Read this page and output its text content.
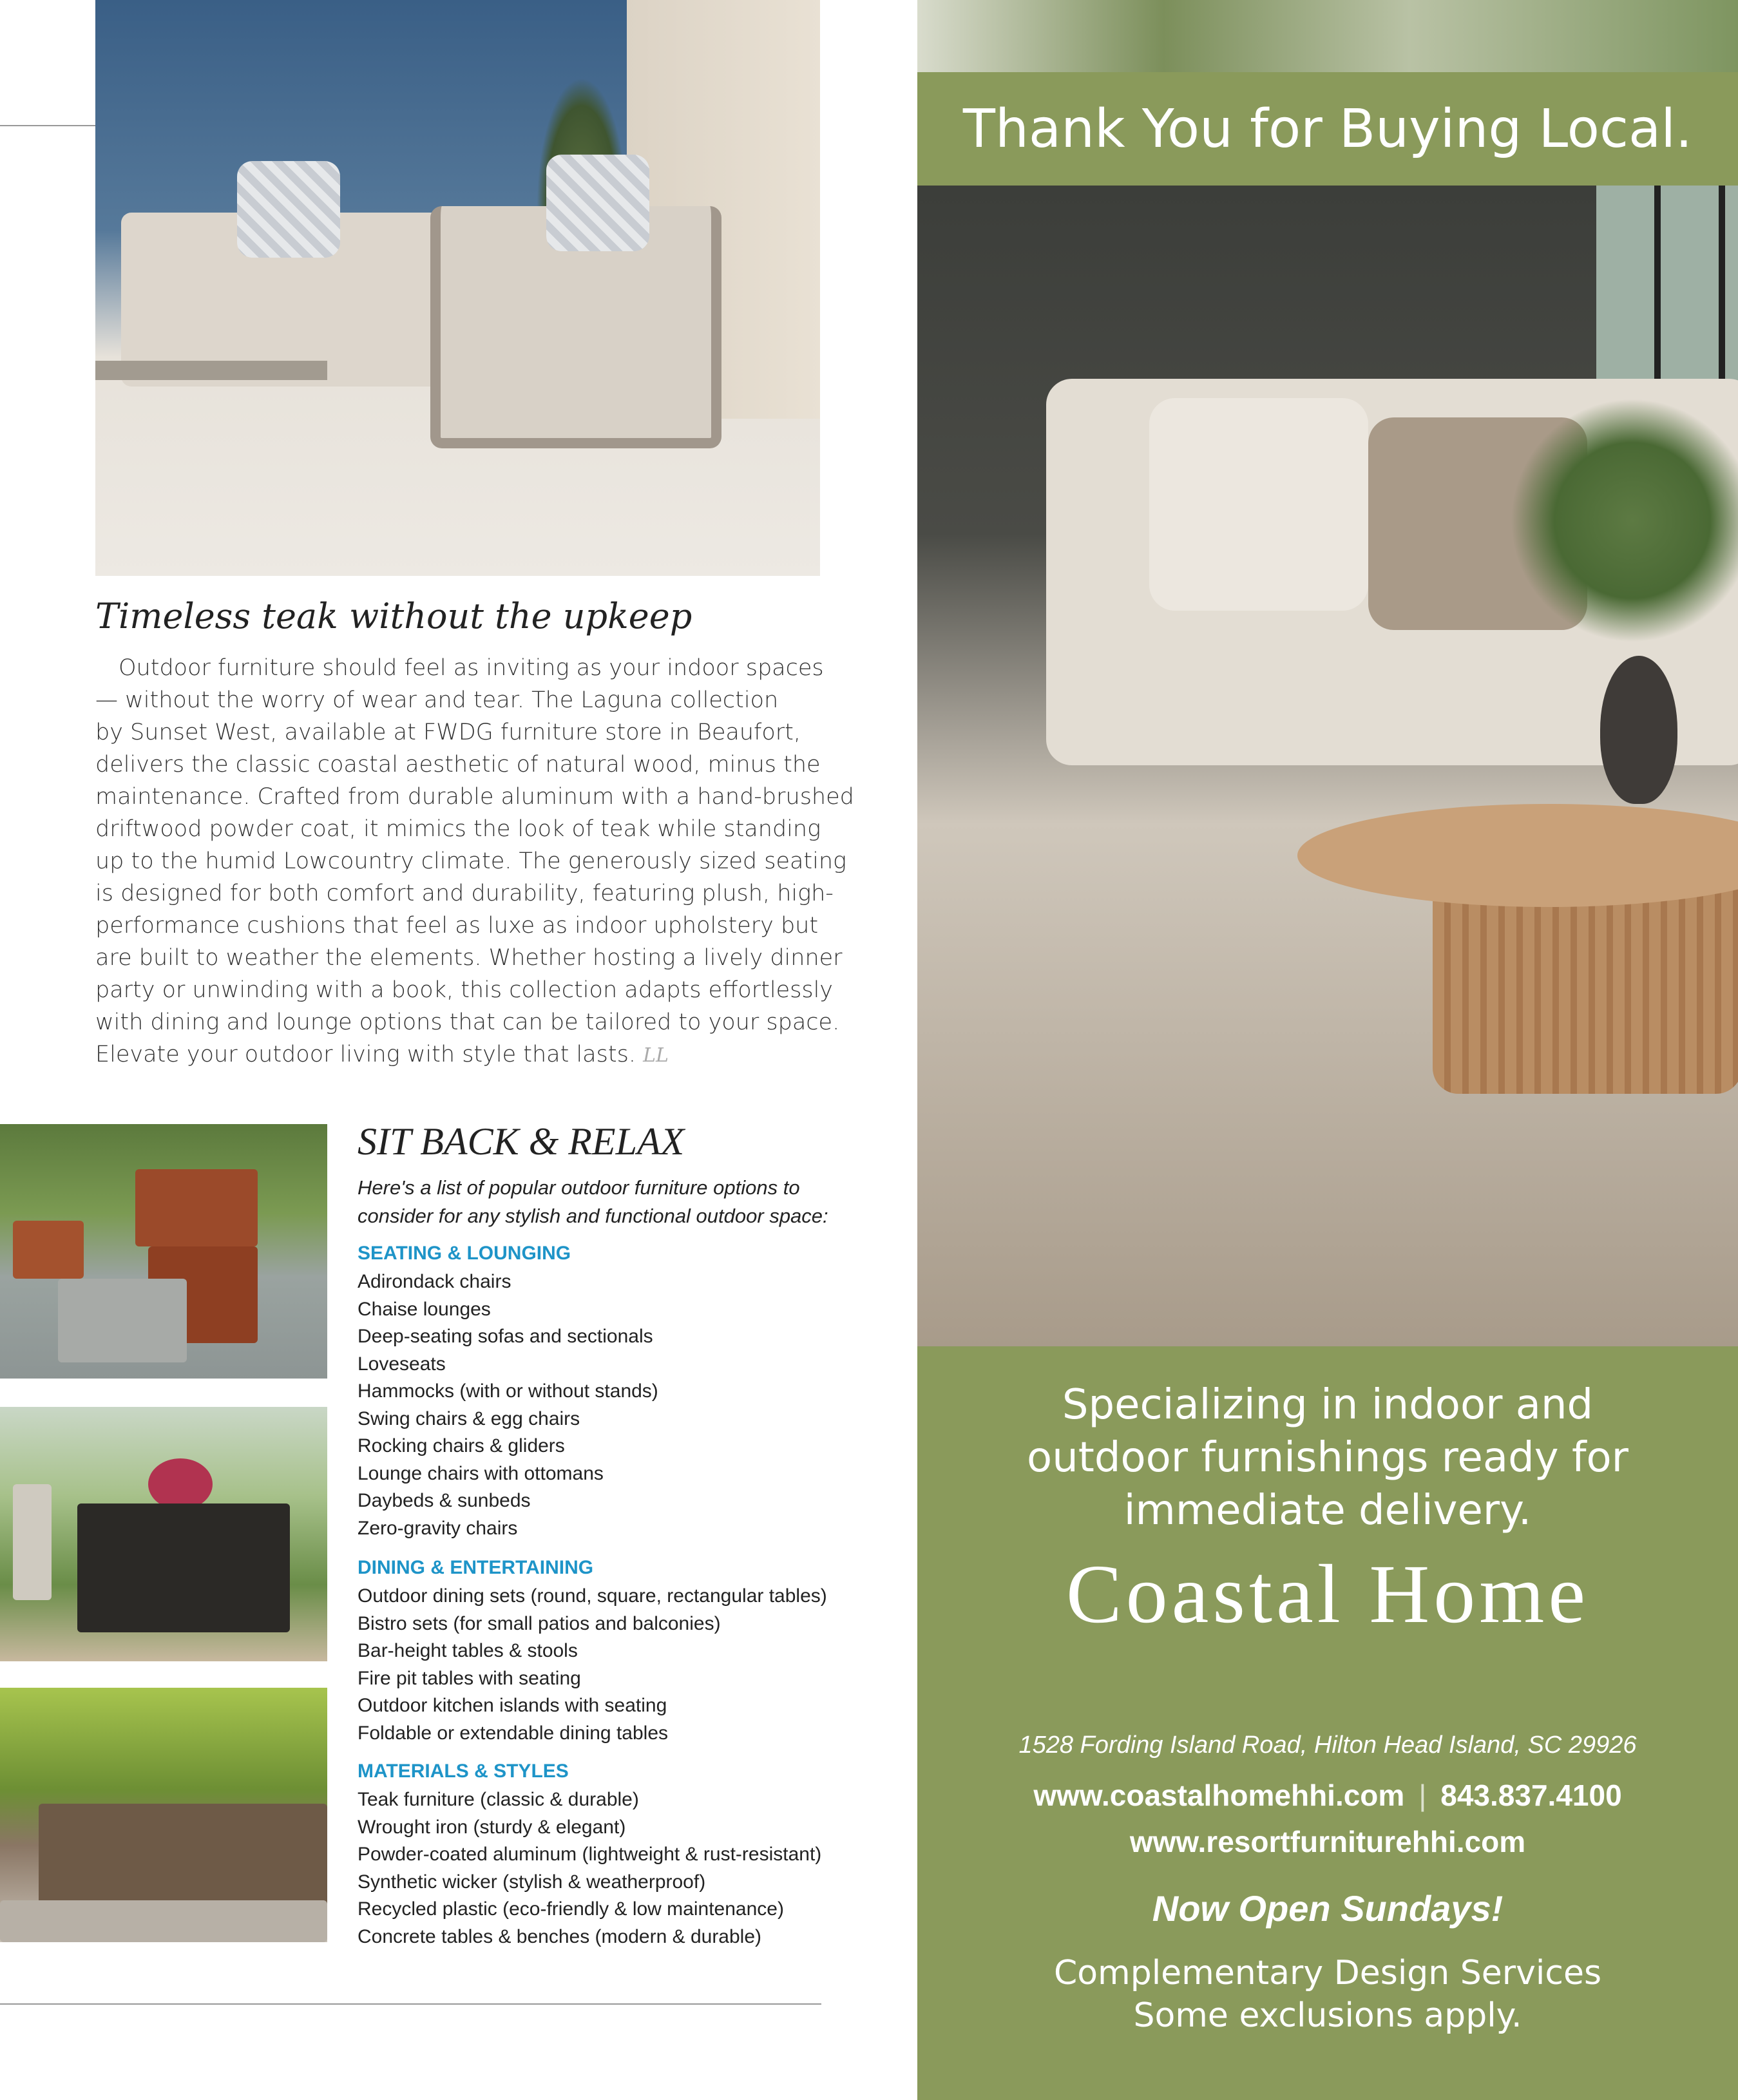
Timeless teak without the upkeep
Outdoor furniture should feel as inviting as your indoor spaces
— without the worry of wear and tear. The Laguna collection
by Sunset West, available at FWDG furniture store in Beaufort,
delivers the classic coastal aesthetic of natural wood, minus the
maintenance. Crafted from durable aluminum with a hand-brushed
driftwood powder coat, it mimics the look of teak while standing
up to the humid Lowcountry climate. The generously sized seating
is designed for both comfort and durability, featuring plush, high-
performance cushions that feel as luxe as indoor upholstery but
are built to weather the elements. Whether hosting a lively dinner
party or unwinding with a book, this collection adapts effortlessly
with dining and lounge options that can be tailored to your space.
Elevate your outdoor living with style that lasts. LL
SIT BACK & RELAX
Here's a list of popular outdoor furniture options to
consider for any stylish and functional outdoor space:
SEATING & LOUNGING
Adirondack chairs
Chaise lounges
Deep-seating sofas and sectionals
Loveseats
Hammocks (with or without stands)
Swing chairs & egg chairs
Rocking chairs & gliders
Lounge chairs with ottomans
Daybeds & sunbeds
Zero-gravity chairs
DINING & ENTERTAINING
Outdoor dining sets (round, square, rectangular tables)
Bistro sets (for small patios and balconies)
Bar-height tables & stools
Fire pit tables with seating
Outdoor kitchen islands with seating
Foldable or extendable dining tables
MATERIALS & STYLES
Teak furniture (classic & durable)
Wrought iron (sturdy & elegant)
Powder-coated aluminum (lightweight & rust-resistant)
Synthetic wicker (stylish & weatherproof)
Recycled plastic (eco-friendly & low maintenance)
Concrete tables & benches (modern & durable)
Thank You for Buying Local.
Specializing in indoor and
outdoor furnishings ready for
immediate delivery.
Coastal Home
1528 Fording Island Road, Hilton Head Island, SC 29926
www.coastalhomehhi.com | 843.837.4100
www.resortfurniturehhi.com
Now Open Sundays!
Complementary Design Services
Some exclusions apply.
